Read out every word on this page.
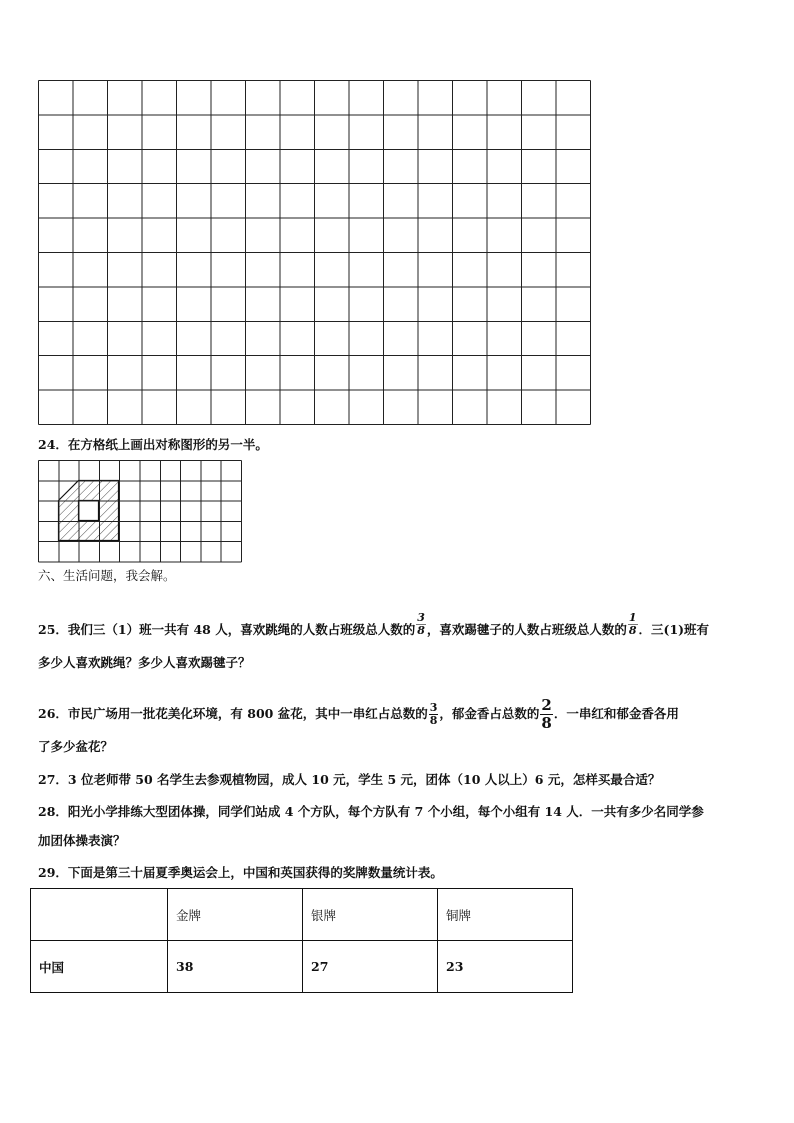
24．在方格纸上画出对称图形的另一半。
六、生活问题，我会解。
25．我们三（1）班一共有 48 人，喜欢跳绳的人数占班级总人数的 $\frac{3}{8}$ ，喜欢踢毽子的人数占班级总人数的 $\frac{1}{8}$ ．三(1)班有
多少人喜欢跳绳？多少人喜欢踢毽子？
26．市民广场用一批花美化环境，有 800 盆花，其中一串红占总数的 $\frac{3}{8}$ ，郁金香占总数的 $\frac{2}{8}$ ．一串红和郁金香各用
了多少盆花？
27．3 位老师带 50 名学生去参观植物园，成人 10 元，学生 5 元，团体（10 人以上）6 元，怎样买最合适？
28．阳光小学排练大型团体操，同学们站成 4 个方队，每个方队有 7 个小组，每个小组有 14 人．一共有多少名同学参
加团体操表演？
29．下面是第三十届夏季奥运会上，中国和英国获得的奖牌数量统计表。
	金牌	银牌	铜牌
中国	38	27	23
